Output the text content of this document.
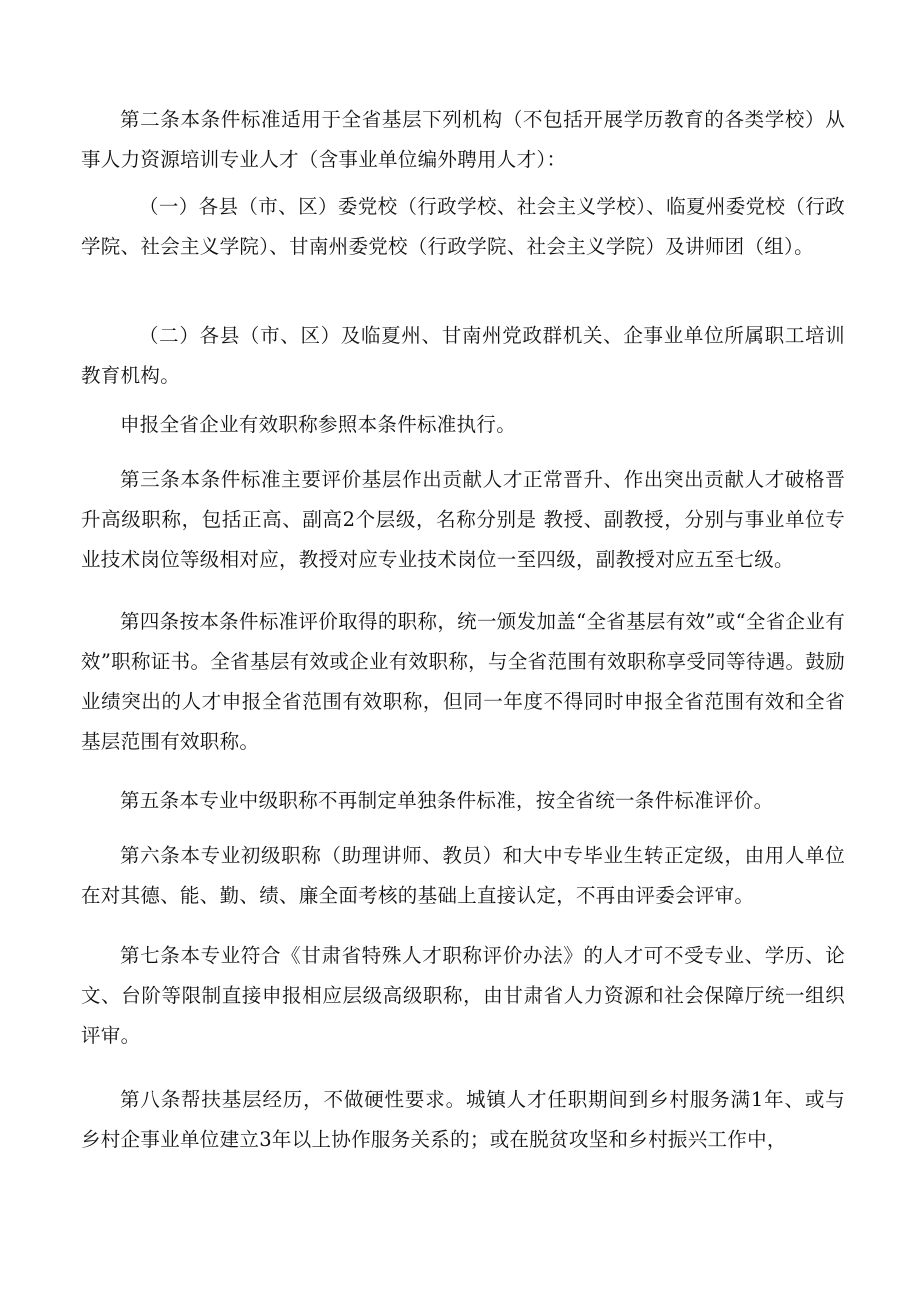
第二条本条件标准适用于全省基层下列机构（不包括开展学历教育的各类学校）从事人力资源培训专业人才（含事业单位编外聘用人才）：

（一）各县（市、区）委党校（行政学校、社会主义学校）、临夏州委党校（行政学院、社会主义学院）、甘南州委党校（行政学院、社会主义学院）及讲师团（组）。

（二）各县（市、区）及临夏州、甘南州党政群机关、企事业单位所属职工培训教育机构。

申报全省企业有效职称参照本条件标准执行。

第三条本条件标准主要评价基层作出贡献人才正常晋升、作出突出贡献人才破格晋升高级职称，包括正高、副高2个层级，名称分别是 教授、副教授，分别与事业单位专业技术岗位等级相对应，教授对应专业技术岗位一至四级，副教授对应五至七级。

第四条按本条件标准评价取得的职称，统一颁发加盖“全省基层有效”或“全省企业有效”职称证书。全省基层有效或企业有效职称，与全省范围有效职称享受同等待遇。鼓励业绩突出的人才申报全省范围有效职称，但同一年度不得同时申报全省范围有效和全省基层范围有效职称。

第五条本专业中级职称不再制定单独条件标准，按全省统一条件标准评价。

第六条本专业初级职称（助理讲师、教员）和大中专毕业生转正定级，由用人单位在对其德、能、勤、绩、廉全面考核的基础上直接认定，不再由评委会评审。

第七条本专业符合《甘肃省特殊人才职称评价办法》的人才可不受专业、学历、论文、台阶等限制直接申报相应层级高级职称，由甘肃省人力资源和社会保障厅统一组织评审。

第八条帮扶基层经历，不做硬性要求。城镇人才任职期间到乡村服务满1年、或与乡村企事业单位建立3年以上协作服务关系的；或在脱贫攻坚和乡村振兴工作中，
